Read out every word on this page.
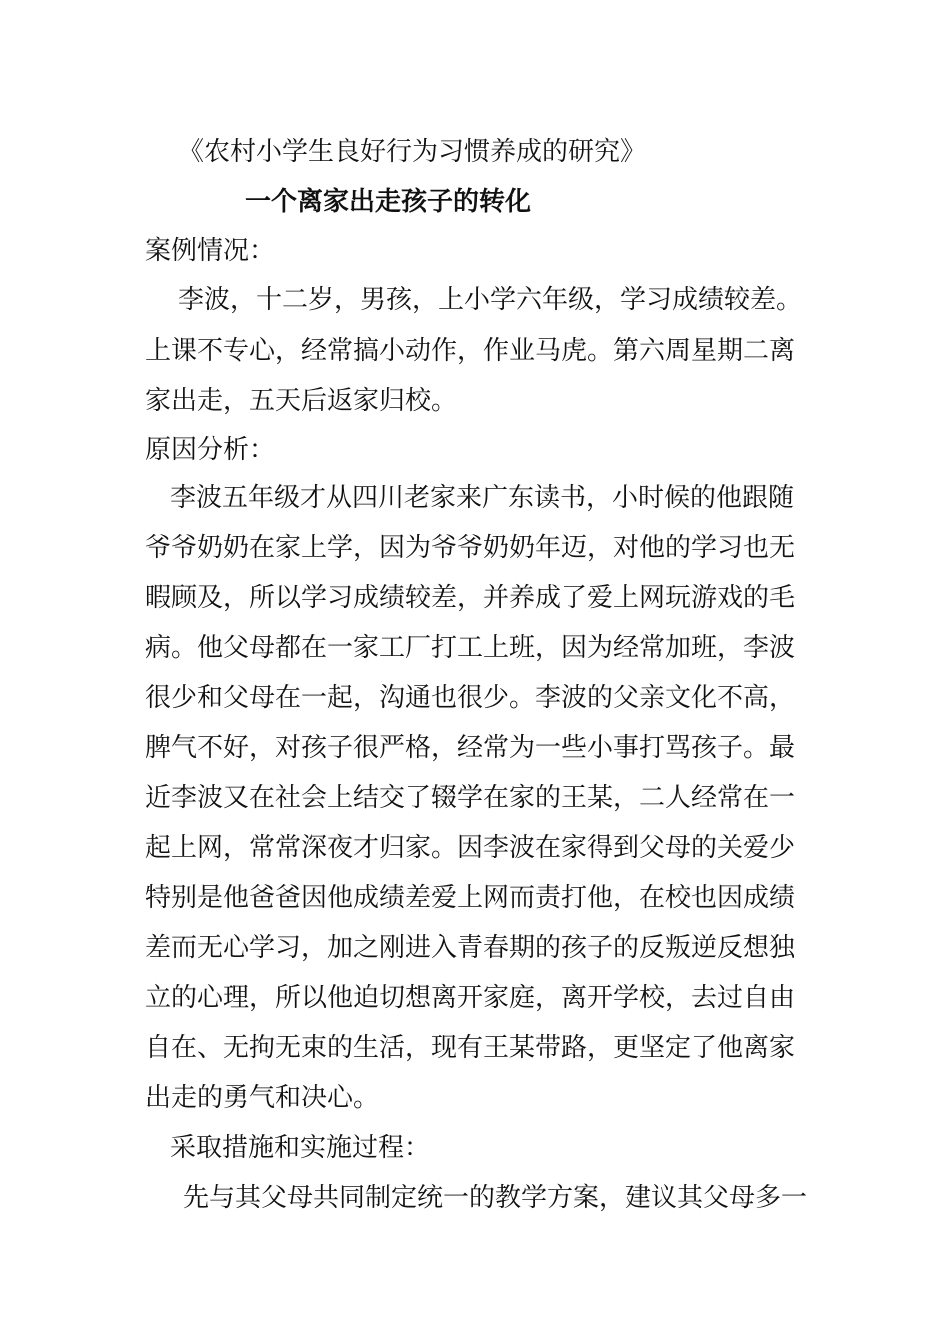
《农村小学生良好行为习惯养成的研究》
一个离家出走孩子的转化
案例情况：
李波，十二岁，男孩，上小学六年级，学习成绩较差。
上课不专心，经常搞小动作，作业马虎。第六周星期二离
家出走，五天后返家归校。
原因分析：
李波五年级才从四川老家来广东读书，小时候的他跟随
爷爷奶奶在家上学，因为爷爷奶奶年迈，对他的学习也无
暇顾及，所以学习成绩较差，并养成了爱上网玩游戏的毛
病。他父母都在一家工厂打工上班，因为经常加班，李波
很少和父母在一起，沟通也很少。李波的父亲文化不高，
脾气不好，对孩子很严格，经常为一些小事打骂孩子。最
近李波又在社会上结交了辍学在家的王某，二人经常在一
起上网，常常深夜才归家。因李波在家得到父母的关爱少
特别是他爸爸因他成绩差爱上网而责打他，在校也因成绩
差而无心学习，加之刚进入青春期的孩子的反叛逆反想独
立的心理，所以他迫切想离开家庭，离开学校，去过自由
自在、无拘无束的生活，现有王某带路，更坚定了他离家
出走的勇气和决心。
采取措施和实施过程：
先与其父母共同制定统一的教学方案，建议其父母多一
